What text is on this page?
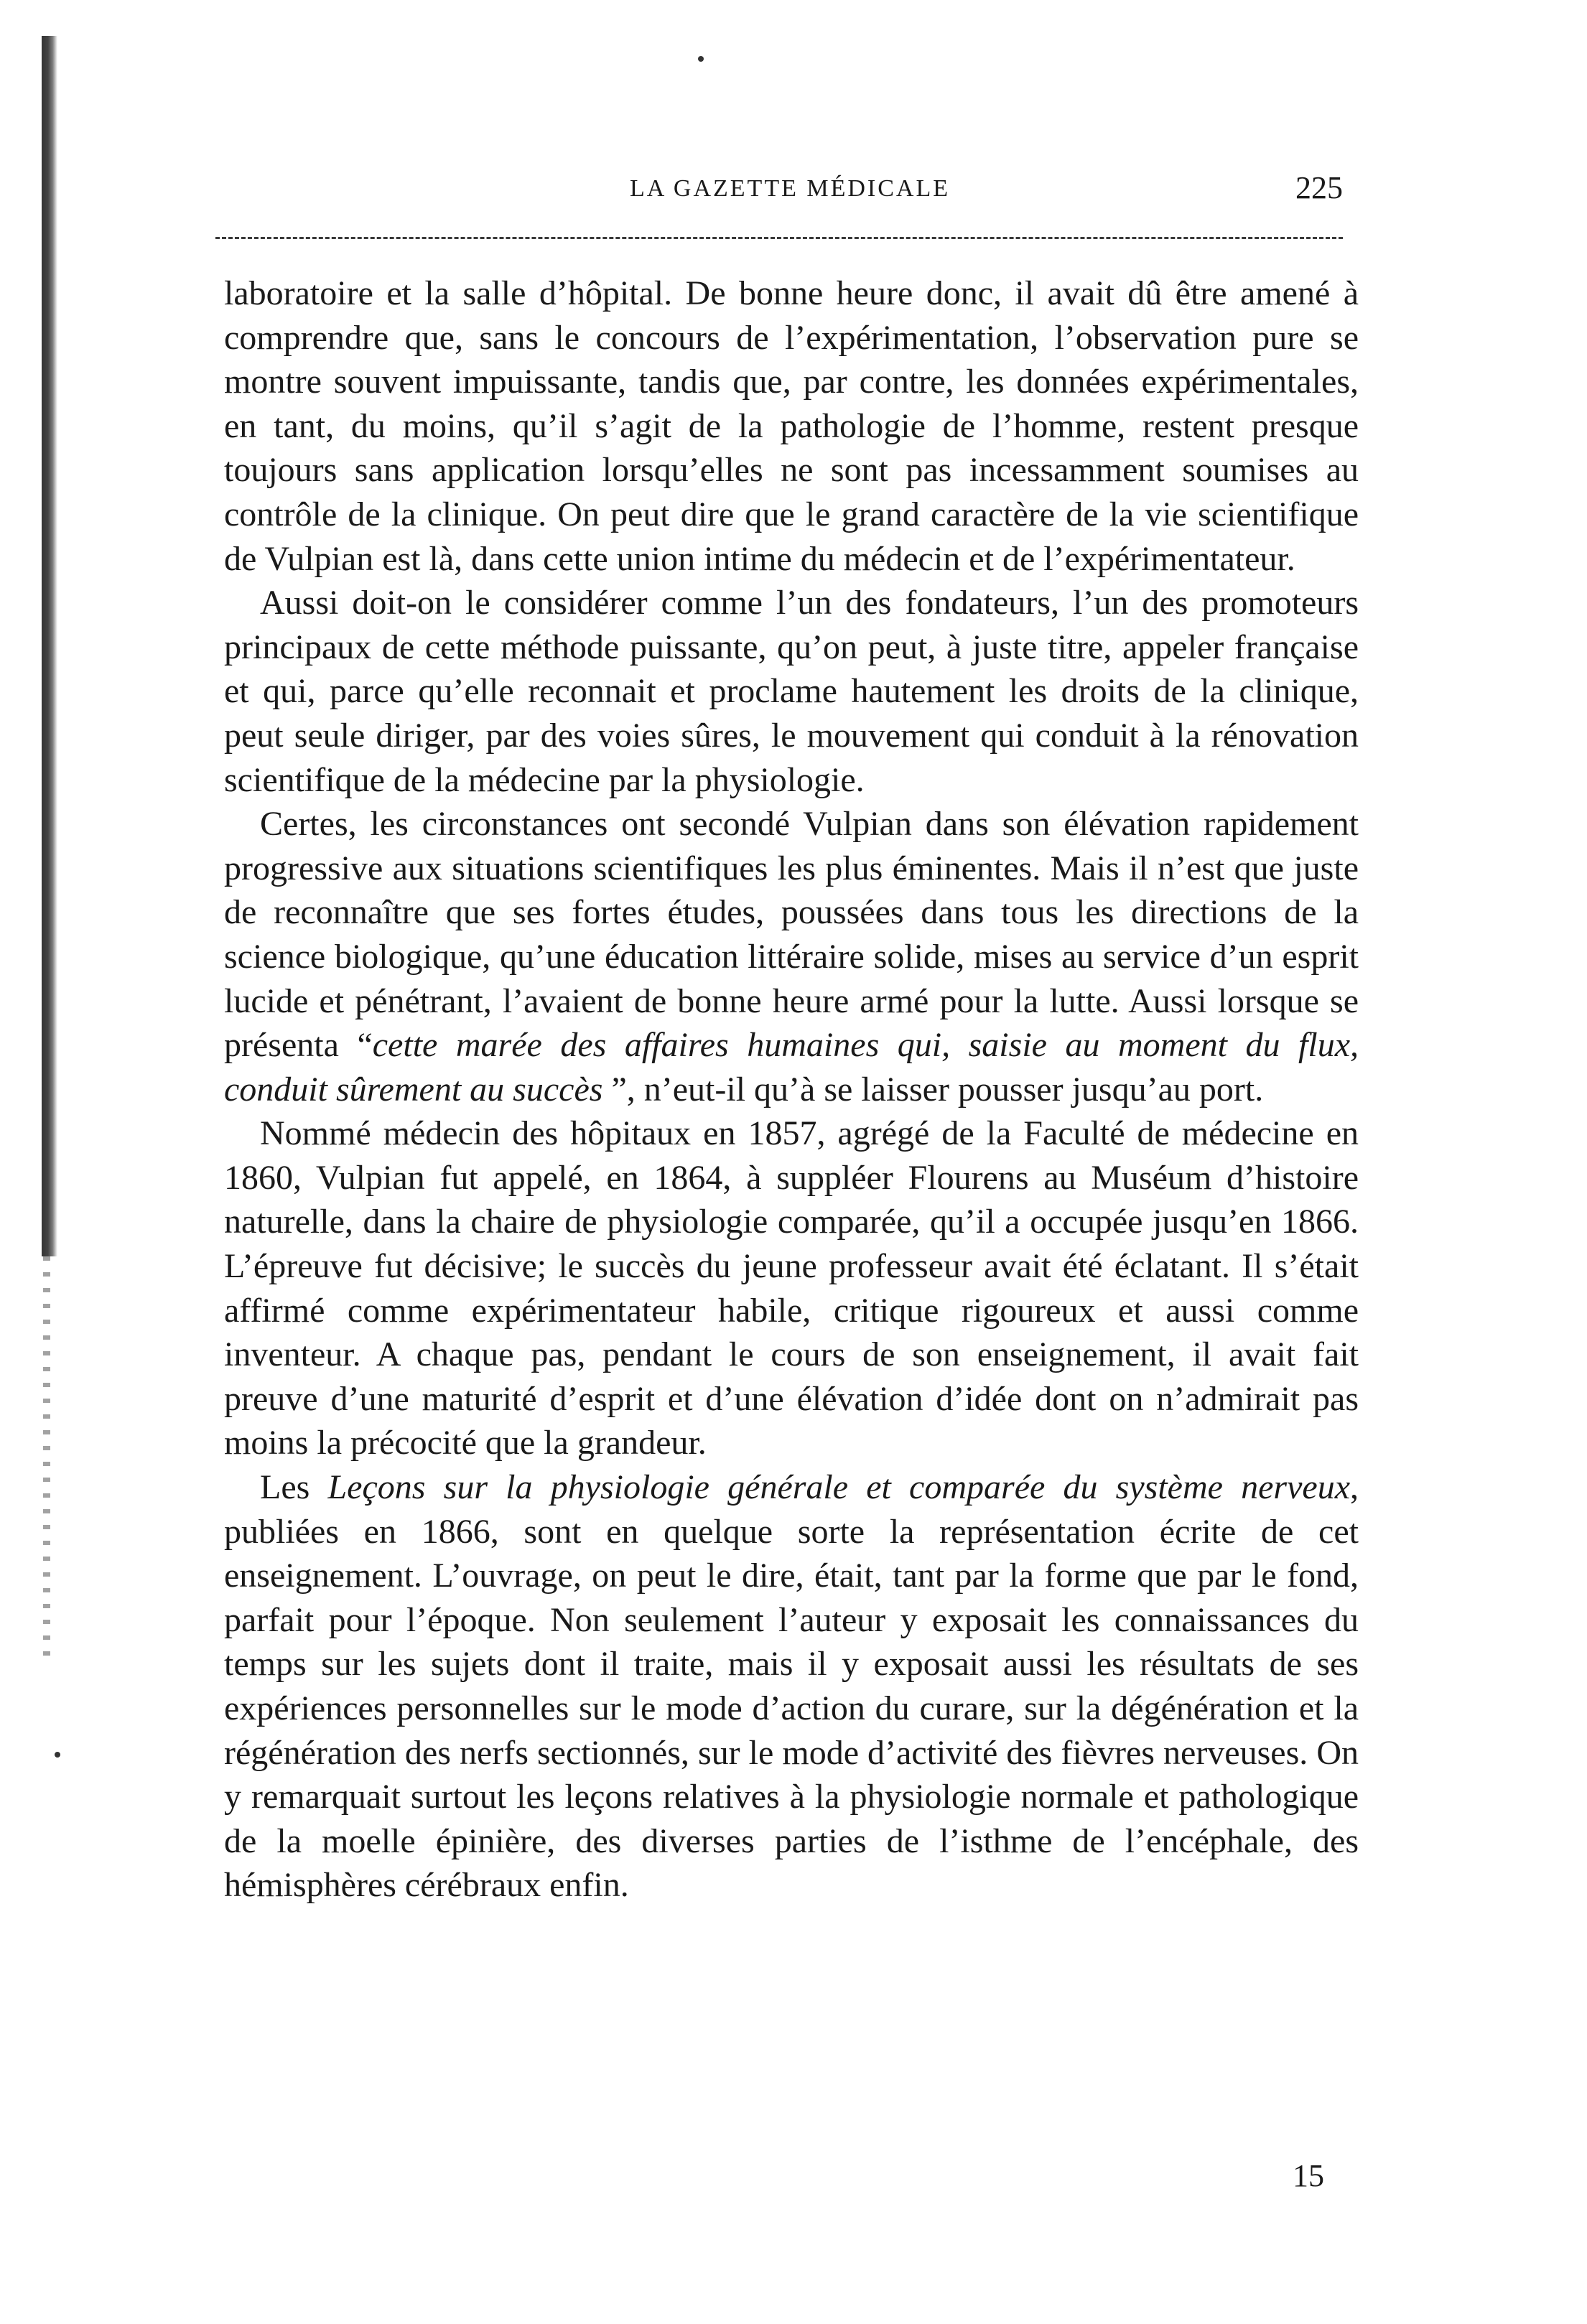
LA GAZETTE MÉDICALE	225

laboratoire et la salle d’hôpital. De bonne heure donc, il avait dû être amené à comprendre que, sans le concours de l’expérimentation, l’observation pure se montre souvent impuissante, tandis que, par contre, les données expérimentales, en tant, du moins, qu’il s’agit de la pathologie de l’homme, restent presque toujours sans application lorsqu’elles ne sont pas incessamment soumises au contrôle de la clinique. On peut dire que le grand caractère de la vie scientifique de Vulpian est là, dans cette union intime du médecin et de l’expérimentateur.

Aussi doit-on le considérer comme l’un des fondateurs, l’un des promoteurs principaux de cette méthode puissante, qu’on peut, à juste titre, appeler française et qui, parce qu’elle reconnait et proclame hautement les droits de la clinique, peut seule diriger, par des voies sûres, le mouvement qui conduit à la rénovation scientifique de la médecine par la physiologie.

Certes, les circonstances ont secondé Vulpian dans son élévation rapidement progressive aux situations scientifiques les plus éminentes. Mais il n’est que juste de reconnaître que ses fortes études, poussées dans tous les directions de la science biologique, qu’une éducation littéraire solide, mises au service d’un esprit lucide et pénétrant, l’avaient de bonne heure armé pour la lutte. Aussi lorsque se présenta “cette marée des affaires humaines qui, saisie au moment du flux, conduit sûrement au succès ”, n’eut-il qu’à se laisser pousser jusqu’au port.

Nommé médecin des hôpitaux en 1857, agrégé de la Faculté de médecine en 1860, Vulpian fut appelé, en 1864, à suppléer Flourens au Muséum d’histoire naturelle, dans la chaire de physiologie comparée, qu’il a occupée jusqu’en 1866. L’épreuve fut décisive; le succès du jeune professeur avait été éclatant. Il s’était affirmé comme expérimentateur habile, critique rigoureux et aussi comme inventeur. A chaque pas, pendant le cours de son enseignement, il avait fait preuve d’une maturité d’esprit et d’une élévation d’idée dont on n’admirait pas moins la précocité que la grandeur.

Les Leçons sur la physiologie générale et comparée du système nerveux, publiées en 1866, sont en quelque sorte la représentation écrite de cet enseignement. L’ouvrage, on peut le dire, était, tant par la forme que par le fond, parfait pour l’époque. Non seulement l’auteur y exposait les connaissances du temps sur les sujets dont il traite, mais il y exposait aussi les résultats de ses expériences personnelles sur le mode d’action du curare, sur la dégénération et la régénération des nerfs sectionnés, sur le mode d’activité des fièvres nerveuses. On y remarquait surtout les leçons relatives à la physiologie normale et pathologique de la moelle épinière, des diverses parties de l’isthme de l’encéphale, des hémisphères cérébraux enfin.

15
